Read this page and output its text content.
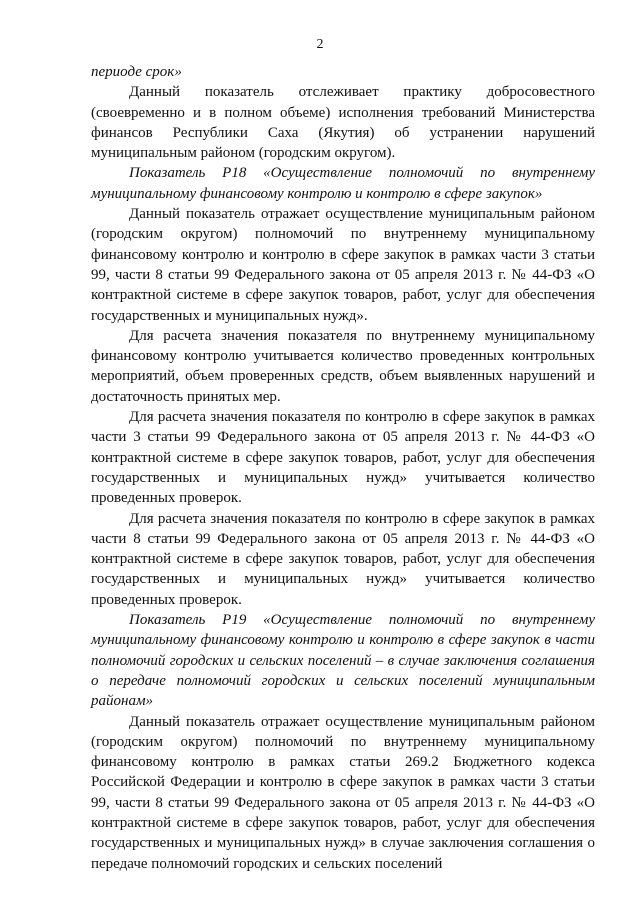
2

периоде срок»

Данный показатель отслеживает практику добросовестного (своевременно и в полном объеме) исполнения требований Министерства финансов Республики Саха (Якутия) об устранении нарушений муниципальным районом (городским округом).

Показатель Р18 «Осуществление полномочий по внутреннему муниципальному финансовому контролю и контролю в сфере закупок»

Данный показатель отражает осуществление муниципальным районом (городским округом) полномочий по внутреннему муниципальному финансовому контролю и контролю в сфере закупок в рамках части 3 статьи 99, части 8 статьи 99 Федерального закона от 05 апреля 2013 г. № 44-ФЗ «О контрактной системе в сфере закупок товаров, работ, услуг для обеспечения государственных и муниципальных нужд».

Для расчета значения показателя по внутреннему муниципальному финансовому контролю учитывается количество проведенных контрольных мероприятий, объем проверенных средств, объем выявленных нарушений и достаточность принятых мер.

Для расчета значения показателя по контролю в сфере закупок в рамках части 3 статьи 99 Федерального закона от 05 апреля 2013 г. № 44-ФЗ «О контрактной системе в сфере закупок товаров, работ, услуг для обеспечения государственных и муниципальных нужд» учитывается количество проведенных проверок.

Для расчета значения показателя по контролю в сфере закупок в рамках части 8 статьи 99 Федерального закона от 05 апреля 2013 г. № 44-ФЗ «О контрактной системе в сфере закупок товаров, работ, услуг для обеспечения государственных и муниципальных нужд» учитывается количество проведенных проверок.

Показатель Р19 «Осуществление полномочий по внутреннему муниципальному финансовому контролю и контролю в сфере закупок в части полномочий городских и сельских поселений – в случае заключения соглашения о передаче полномочий городских и сельских поселений муниципальным районам»

Данный показатель отражает осуществление муниципальным районом (городским округом) полномочий по внутреннему муниципальному финансовому контролю в рамках статьи 269.2 Бюджетного кодекса Российской Федерации и контролю в сфере закупок в рамках части 3 статьи 99, части 8 статьи 99 Федерального закона от 05 апреля 2013 г. № 44-ФЗ «О контрактной системе в сфере закупок товаров, работ, услуг для обеспечения государственных и муниципальных нужд» в случае заключения соглашения о передаче полномочий городских и сельских поселений
